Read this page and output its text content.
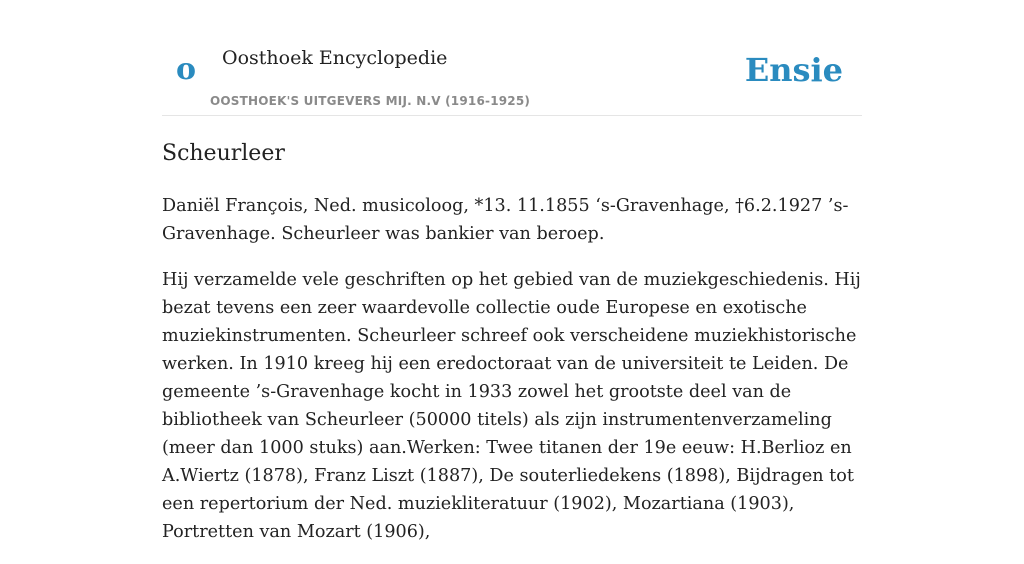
o Oosthoek Encyclopedie
OOSTHOEK'S UITGEVERS MIJ. N.V (1916-1925)
Ensie
Scheurleer

Daniël François, Ned. musicoloog, *13. 11.1855 ‘s-Gravenhage, †6.2.1927 ’s-Gravenhage. Scheurleer was bankier van beroep.

Hij verzamelde vele geschriften op het gebied van de muziekgeschiedenis. Hij bezat tevens een zeer waardevolle collectie oude Europese en exotische muziekinstrumenten. Scheurleer schreef ook verscheidene muziekhistorische werken. In 1910 kreeg hij een eredoctoraat van de universiteit te Leiden. De gemeente ’s-Gravenhage kocht in 1933 zowel het grootste deel van de bibliotheek van Scheurleer (50000 titels) als zijn instrumentenverzameling (meer dan 1000 stuks) aan.Werken: Twee titanen der 19e eeuw: H.Berlioz en A.Wiertz (1878), Franz Liszt (1887), De souterliedekens (1898), Bijdragen tot een repertorium der Ned. muziekliteratuur (1902), Mozartiana (1903), Portretten van Mozart (1906),
